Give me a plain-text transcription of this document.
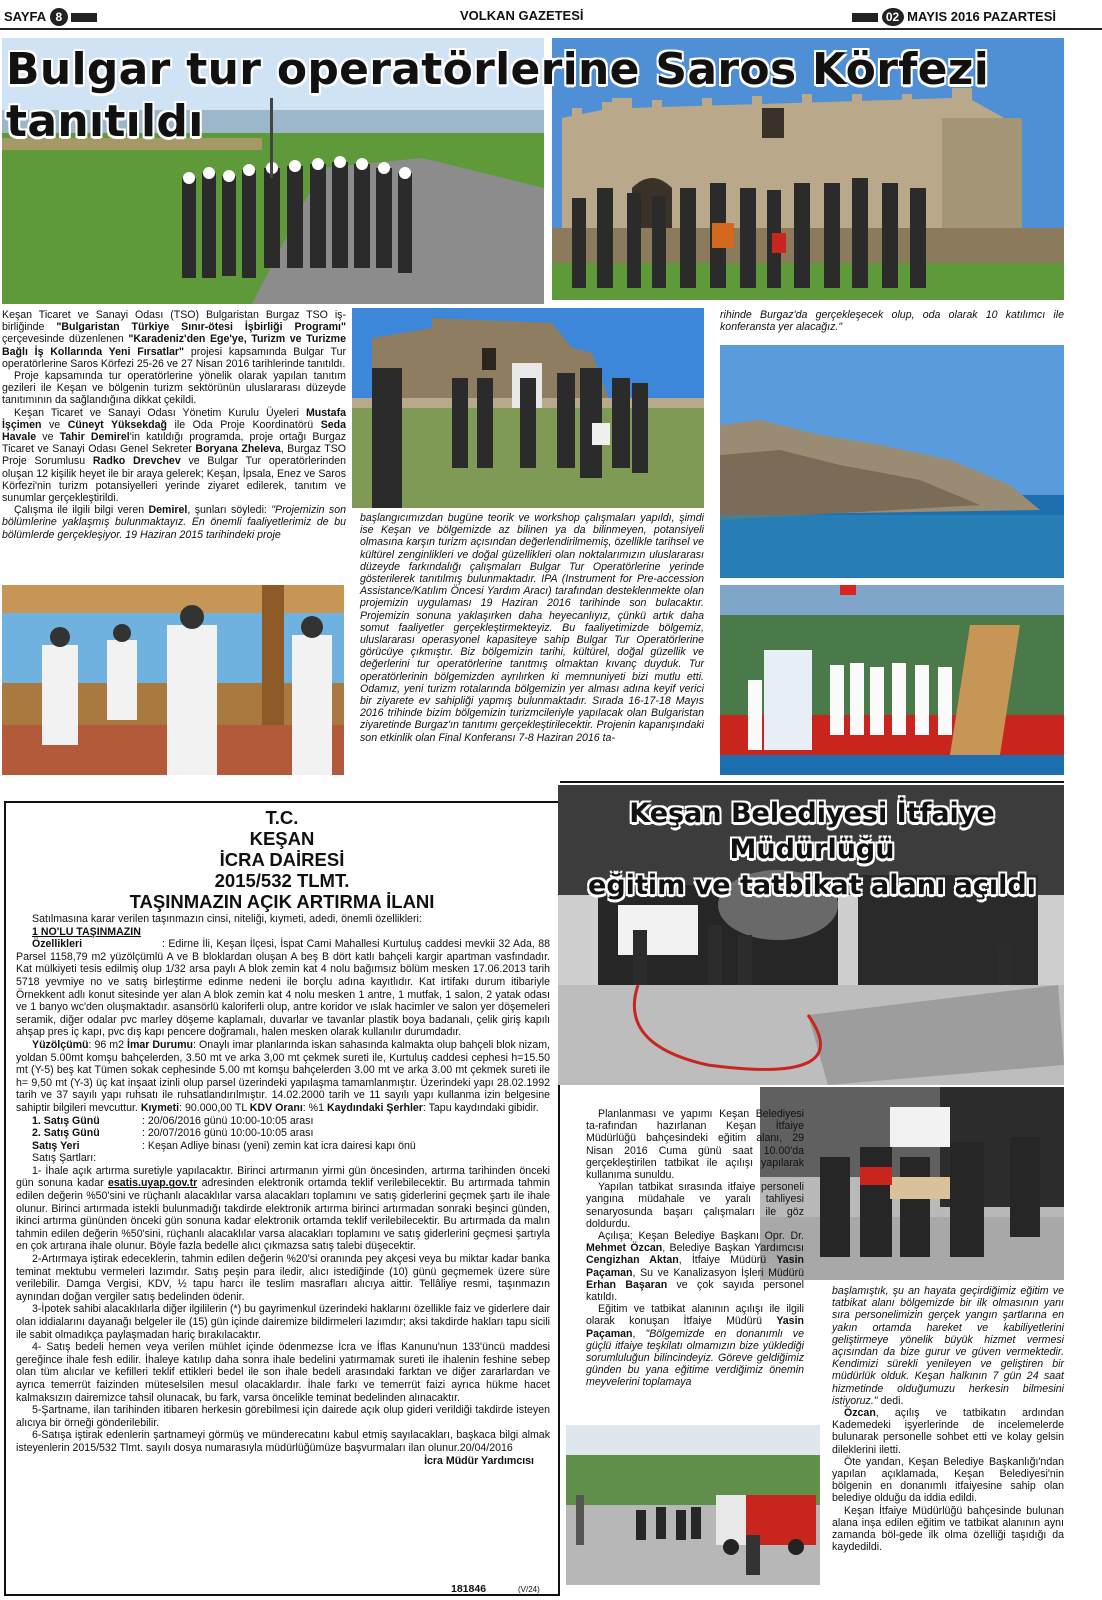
SAYFA 8	VOLKAN GAZETESİ	02 MAYIS 2016 PAZARTESİ
Bulgar tur operatörlerine Saros Körfezi tanıtıldı

Keşan Ticaret ve Sanayi Odası (TSO) Bulgaristan Burgaz TSO iş-birliğinde "Bulgaristan Türkiye Sınır-ötesi İşbirliği Programı" çerçevesinde düzenlenen "Karadeniz'den Ege'ye, Turizm ve Turizme Bağlı İş Kollarında Yeni Fırsatlar" projesi kapsamında Bulgar Tur operatörlerine Saros Körfezi 25-26 ve 27 Nisan 2016 tarihlerinde tanıtıldı.

Proje kapsamında tur operatörlerine yönelik olarak yapılan tanıtım gezileri ile Keşan ve bölgenin turizm sektörünün uluslararası düzeyde tanıtımının da sağlandığına dikkat çekildi.

Keşan Ticaret ve Sanayi Odası Yönetim Kurulu Üyeleri Mustafa İşçimen ve Cüneyt Yüksekdağ ile Oda Proje Koordinatörü Seda Havale ve Tahir Demirel'in katıldığı programda, proje ortağı Burgaz Ticaret ve Sanayi Odası Genel Sekreter Boryana Zheleva, Burgaz TSO Proje Sorumlusu Radko Drevchev ve Bulgar Tur operatörlerinden oluşan 12 kişilik heyet ile bir araya gelerek; Keşan, İpsala, Enez ve Saros Körfezi'nin turizm potansiyelleri yerinde ziyaret edilerek, tanıtım ve sunumlar gerçekleştirildi.

Çalışma ile ilgili bilgi veren Demirel, şunları söyledi: "Projemizin son bölümlerine yaklaşmış bulunmaktayız. En önemli faaliyetlerimiz de bu bölümlerde gerçekleşiyor. 19 Haziran 2015 tarihindeki proje

başlangıcımızdan bugüne teorik ve workshop çalışmaları yapıldı, şimdi ise Keşan ve bölgemizde az bilinen ya da bilinmeyen, potansiyeli olmasına karşın turizm açısından değerlendirilmemiş, özellikle tarihsel ve kültürel zenginlikleri ve doğal güzellikleri olan noktalarımızın uluslararası düzeyde farkındalığı çalışmaları Bulgar Tur Operatörlerine yerinde gösterilerek tanıtılmış bulunmaktadır. IPA (Instrument for Pre-accession Assistance/Katılım Öncesi Yardım Aracı) tarafından desteklenmekte olan projemizin uygulaması 19 Haziran 2016 tarihinde son bulacaktır. Projemizin sonuna yaklaşırken daha heyecanlıyız, çünkü artık daha somut faaliyetler gerçekleştirmekteyiz. Bu faaliyetimizde bölgemiz, uluslararası operasyonel kapasiteye sahip Bulgar Tur Operatörlerine görücüye çıkmıştır. Biz bölgemizin tarihi, kültürel, doğal güzellik ve değerlerini tur operatörlerine tanıtmış olmaktan kıvanç duyduk. Tur operatörlerinin bölgemizden ayrılırken ki memnuniyeti bizi mutlu etti. Odamız, yeni turizm rotalarında bölgemizin yer alması adına keyif verici bir ziyarete ev sahipliği yapmış bulunmaktadır. Sırada 16-17-18 Mayıs 2016 trihinde bizim bölgemizin turizmcileriyle yapılacak olan Bulgaristan ziyaretinde Burgaz'ın tanıtımı gerçekleştirilecektir. Projenin kapanışındaki son etkinlik olan Final Konferansı 7-8 Haziran 2016 ta-
rihinde Burgaz'da gerçekleşecek olup, oda olarak 10 katılımcı ile konferansta yer alacağız."
T.C.
KEŞAN
İCRA DAİRESİ
2015/532 TLMT.
TAŞINMAZIN AÇIK ARTIRMA İLANI

Satılmasına karar verilen taşınmazın cinsi, niteliği, kıymeti, adedi, önemli özellikleri:

1 NO'LU TAŞINMAZIN

Özellikleri	: Edirne İli, Keşan İlçesi, İspat Cami Mahallesi Kurtuluş caddesi mevkii 32 Ada, 88 Parsel 1158,79 m2 yüzölçümlü A ve B bloklardan oluşan A beş B dört katlı bahçeli kargir apartman vasfındadır. Kat mülkiyeti tesis edilmiş olup 1/32 arsa paylı A blok zemin kat 4 nolu bağımsız bölüm mesken 17.06.2013 tarih 5718 yevmiye no ve satış birleştirme edinme nedeni ile borçlu adına kayıtlıdır. Kat irtifakı durum itibariyle Örnekkent adlı konut sitesinde yer alan A blok zemin kat 4 nolu mesken 1 antre, 1 mutfak, 1 salon, 2 yatak odası ve 1 banyo wc'den oluşmaktadır. asansörlü kaloriferli olup, antre koridor ve ıslak hacimler ve salon yer döşemeleri seramik, diğer odalar pvc marley döşeme kaplamalı, duvarlar ve tavanlar plastik boya badanalı, çelik giriş kapılı ahşap pres iç kapı, pvc dış kapı pencere doğramalı, halen mesken olarak kullanılır durumdadır.

Yüzölçümü: 96 m2 İmar Durumu: Onaylı imar planlarında iskan sahasında kalmakta olup bahçeli blok nizam, yoldan 5.00mt komşu bahçelerden, 3.50 mt ve arka 3,00 mt çekmek sureti ile, Kurtuluş caddesi cephesi h=15.50 mt (Y-5) beş kat Tümen sokak cephesinde 5.00 mt komşu bahçelerden 3.00 mt ve arka 3.00 mt çekmek sureti ile h= 9,50 mt (Y-3) üç kat inşaat izinli olup parsel üzerindeki yapılaşma tamamlanmıştır. Üzerindeki yapı 28.02.1992 tarih ve 37 sayılı yapı ruhsatı ile ruhsatlandırılmıştır. 14.02.2000 tarih ve 11 sayılı yapı kullanma izin belgesine sahiptir bilgileri mevcuttur. Kıymeti: 90.000,00 TL KDV Oranı: %1 Kaydındaki Şerhler: Tapu kaydındaki gibidir.

1. Satış Günü	: 20/06/2016 günü 10:00-10:05 arası

2. Satış Günü	: 20/07/2016 günü 10:00-10:05 arası

Satış Yeri	: Keşan Adliye binası (yeni) zemin kat icra dairesi kapı önü

Satış Şartları:

1- İhale açık artırma suretiyle yapılacaktır. Birinci artırmanın yirmi gün öncesinden, artırma tarihinden önceki gün sonuna kadar esatis.uyap.gov.tr adresinden elektronik ortamda teklif verilebilecektir. Bu artırmada tahmin edilen değerin %50'sini ve rüçhanlı alacaklılar varsa alacakları toplamını ve satış giderlerini geçmek şartı ile ihale olunur. Birinci artırmada istekli bulunmadığı takdirde elektronik artırma birinci artırmadan sonraki beşinci günden, ikinci artırma gününden önceki gün sonuna kadar elektronik ortamda teklif verilebilecektir. Bu artırmada da malın tahmin edilen değerin %50'sini, rüçhanlı alacaklılar varsa alacakları toplamını ve satış giderlerini geçmesi şartıyla en çok artırana ihale olunur. Böyle fazla bedelle alıcı çıkmazsa satış talebi düşecektir.

2-Artırmaya iştirak edeceklerin, tahmin edilen değerin %20'si oranında pey akçesi veya bu miktar kadar banka teminat mektubu vermeleri lazımdır. Satış peşin para iledir, alıcı istediğinde (10) günü geçmemek üzere süre verilebilir. Damga Vergisi, KDV, ½ tapu harcı ile teslim masrafları alıcıya aittir. Tellâliye resmi, taşınmazın aynından doğan vergiler satış bedelinden ödenir.

3-İpotek sahibi alacaklılarla diğer ilgililerin (*) bu gayrimenkul üzerindeki haklarını özellikle faiz ve giderlere dair olan iddialarını dayanağı belgeler ile (15) gün içinde dairemize bildirmeleri lazımdır; aksi takdirde hakları tapu sicili ile sabit olmadıkça paylaşmadan hariç bırakılacaktır.

4- Satış bedeli hemen veya verilen mühlet içinde ödenmezse İcra ve İflas Kanunu'nun 133'üncü maddesi gereğince ihale fesh edilir. İhaleye katılıp daha sonra ihale bedelini yatırmamak sureti ile ihalenin feshine sebep olan tüm alıcılar ve kefilleri teklif ettikleri bedel ile son ihale bedeli arasındaki farktan ve diğer zararlardan ve ayrıca temerrüt faizinden müteselsilen mesul olacaklardır. İhale farkı ve temerrüt faizi ayrıca hükme hacet kalmaksızın dairemizce tahsil olunacak, bu fark, varsa öncelikle teminat bedelinden alınacaktır.

5-Şartname, ilan tarihinden itibaren herkesin görebilmesi için dairede açık olup gideri verildiği takdirde isteyen alıcıya bir örneği gönderilebilir.

6-Satışa iştirak edenlerin şartnameyi görmüş ve münderecatını kabul etmiş sayılacakları, başkaca bilgi almak isteyenlerin 2015/532 Tlmt. sayılı dosya numarasıyla müdürlüğümüze başvurmaları ilan olunur.20/04/2016

İcra Müdür Yardımcısı

181846	(V/24)
Keşan Belediyesi İtfaiye Müdürlüğü
eğitim ve tatbikat alanı açıldı

Planlanması ve yapımı Keşan Belediyesi ta-rafından hazırlanan Keşan İtfaiye Müdürlüğü bahçesindeki eğitim alanı, 29 Nisan 2016 Cuma günü saat 10.00'da gerçekleştirilen tatbikat ile açılışı yapılarak kullanıma sunuldu.

Yapılan tatbikat sırasında itfaiye personeli yangına müdahale ve yaralı tahliyesi senaryosunda başarı çalışmaları ile göz doldurdu.

Açılışa; Keşan Belediye Başkanı Opr. Dr. Mehmet Özcan, Belediye Başkan Yardımcısı Cengizhan Aktan, İtfaiye Müdürü Yasin Paçaman, Su ve Kanalizasyon İşleri Müdürü Erhan Başaran ve çok sayıda personel katıldı.

Eğitim ve tatbikat alanının açılışı ile ilgili olarak konuşan İtfaiye Müdürü Yasin Paçaman, "Bölgemizde en donanımlı ve güçlü itfaiye teşkilatı olmamızın bize yüklediği sorumluluğun bilincindeyiz. Göreve geldiğimiz günden bu yana eğitime verdiğimiz önemin meyvelerini toplamaya

başlamıştık, şu an hayata geçirdiğimiz eğitim ve tatbikat alanı bölgemizde bir ilk olmasının yanı sıra personelimizin gerçek yangın şartlarına en yakın ortamda hareket ve kabiliyetlerini geliştirmeye yönelik büyük hizmet vermesi açısından da bize gurur ve güven vermektedir. Kendimizi sürekli yenileyen ve geliştiren bir müdürlük olduk. Keşan halkının 7 gün 24 saat hizmetinde olduğumuzu herkesin bilmesini istiyoruz." dedi.

Özcan, açılış ve tatbikatın ardından Kademedeki işyerlerinde de incelemelerde bulunarak personelle sohbet etti ve kolay gelsin dileklerini iletti.

Öte yandan, Keşan Belediye Başkanlığı'ndan yapılan açıklamada, Keşan Belediyesi'nin bölgenin en donanımlı itfaiyesine sahip olan belediye olduğu da iddia edildi.

Keşan İtfaiye Müdürlüğü bahçesinde bulunan alana inşa edilen eğitim ve tatbikat alanının aynı zamanda böl-gede ilk olma özelliği taşıdığı da kaydedildi.
